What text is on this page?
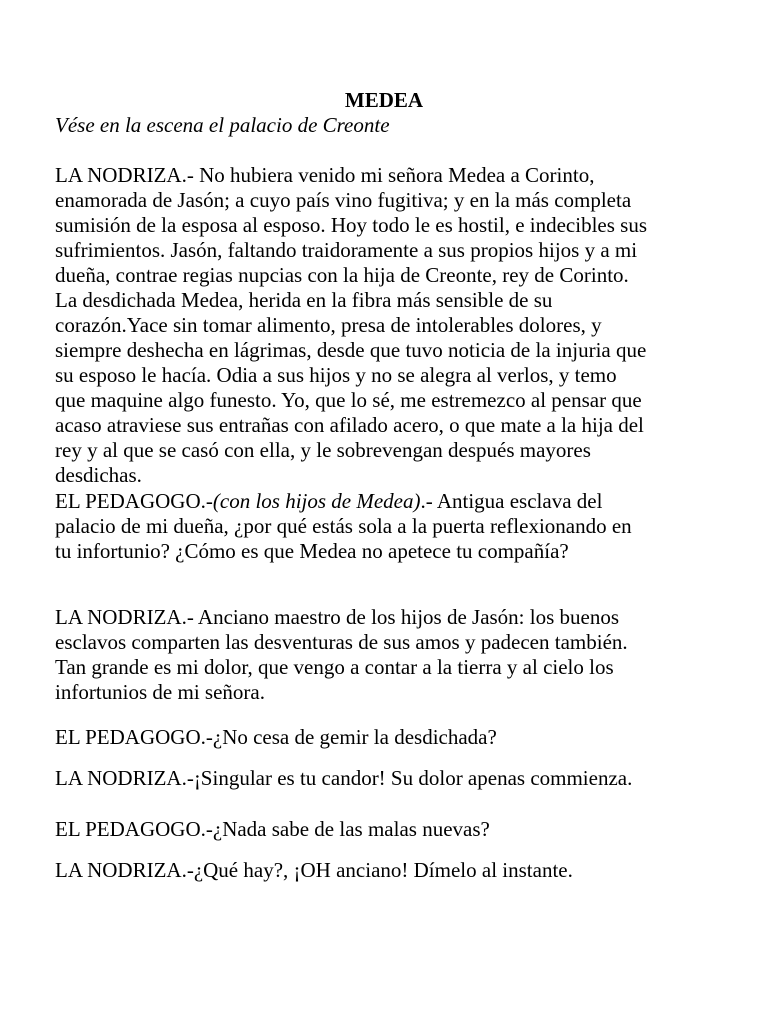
MEDEA
Vése en la escena el palacio de Creonte
LA NODRIZA.- No hubiera venido mi señora Medea a Corinto,
enamorada de Jasón; a cuyo país vino fugitiva; y en la más completa
sumisión de la esposa al esposo. Hoy todo le es hostil, e indecibles sus
sufrimientos. Jasón, faltando traidoramente a sus propios hijos y a mi
dueña, contrae regias nupcias con la hija de Creonte, rey de Corinto.
La desdichada Medea, herida en la fibra más sensible de su
corazón.Yace sin tomar alimento, presa de intolerables dolores, y
siempre deshecha en lágrimas, desde que tuvo noticia de la injuria que
su esposo le hacía. Odia a sus hijos y no se alegra al verlos, y temo
que maquine algo funesto. Yo, que lo sé, me estremezco al pensar que
acaso atraviese sus entrañas con afilado acero, o que mate a la hija del
rey y al que se casó con ella, y le sobrevengan después mayores
desdichas.
EL PEDAGOGO.-(con los hijos de Medea).- Antigua esclava del
palacio de mi dueña, ¿por qué estás sola a la puerta reflexionando en
tu infortunio? ¿Cómo es que Medea no apetece tu compañía?
LA NODRIZA.- Anciano maestro de los hijos de Jasón: los buenos
esclavos comparten las desventuras de sus amos y padecen también.
Tan grande es mi dolor, que vengo a contar a la tierra y al cielo los
infortunios de mi señora.
EL PEDAGOGO.-¿No cesa de gemir la desdichada?
LA NODRIZA.-¡Singular es tu candor! Su dolor apenas commienza.
EL PEDAGOGO.-¿Nada sabe de las malas nuevas?
LA NODRIZA.-¿Qué hay?, ¡OH anciano! Dímelo al instante.
